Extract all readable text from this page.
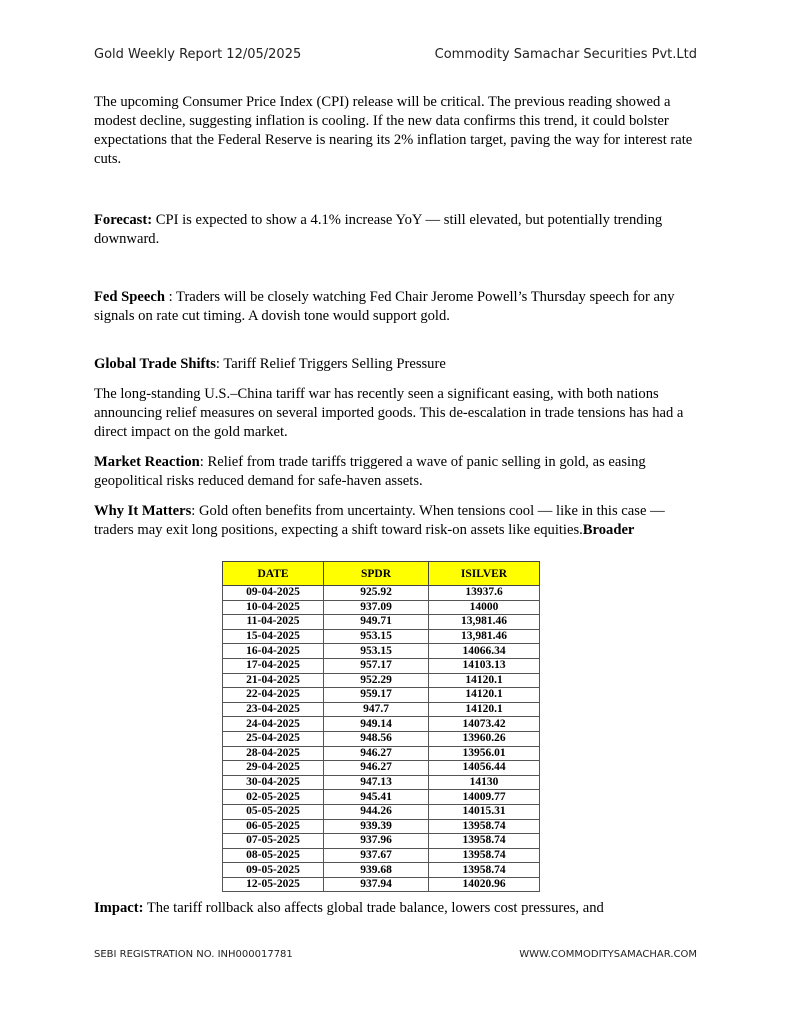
Gold Weekly Report 12/05/2025	Commodity Samachar Securities Pvt.Ltd

The upcoming Consumer Price Index (CPI) release will be critical. The previous reading showed a modest decline, suggesting inflation is cooling. If the new data confirms this trend, it could bolster expectations that the Federal Reserve is nearing its 2% inflation target, paving the way for interest rate cuts.

Forecast: CPI is expected to show a 4.1% increase YoY — still elevated, but potentially trending downward.

Fed Speech : Traders will be closely watching Fed Chair Jerome Powell’s Thursday speech for any signals on rate cut timing. A dovish tone would support gold.

Global Trade Shifts: Tariff Relief Triggers Selling Pressure

The long-standing U.S.–China tariff war has recently seen a significant easing, with both nations announcing relief measures on several imported goods. This de-escalation in trade tensions has had a direct impact on the gold market.

Market Reaction: Relief from trade tariffs triggered a wave of panic selling in gold, as easing geopolitical risks reduced demand for safe-haven assets.

Why It Matters: Gold often benefits from uncertainty. When tensions cool — like in this case — traders may exit long positions, expecting a shift toward risk-on assets like equities.Broader

DATE	SPDR	ISILVER
09-04-2025	925.92	13937.6
10-04-2025	937.09	14000
11-04-2025	949.71	13,981.46
15-04-2025	953.15	13,981.46
16-04-2025	953.15	14066.34
17-04-2025	957.17	14103.13
21-04-2025	952.29	14120.1
22-04-2025	959.17	14120.1
23-04-2025	947.7	14120.1
24-04-2025	949.14	14073.42
25-04-2025	948.56	13960.26
28-04-2025	946.27	13956.01
29-04-2025	946.27	14056.44
30-04-2025	947.13	14130
02-05-2025	945.41	14009.77
05-05-2025	944.26	14015.31
06-05-2025	939.39	13958.74
07-05-2025	937.96	13958.74
08-05-2025	937.67	13958.74
09-05-2025	939.68	13958.74
12-05-2025	937.94	14020.96

Impact: The tariff rollback also affects global trade balance, lowers cost pressures, and

SEBI REGISTRATION NO. INH000017781	WWW.COMMODITYSAMACHAR.COM
